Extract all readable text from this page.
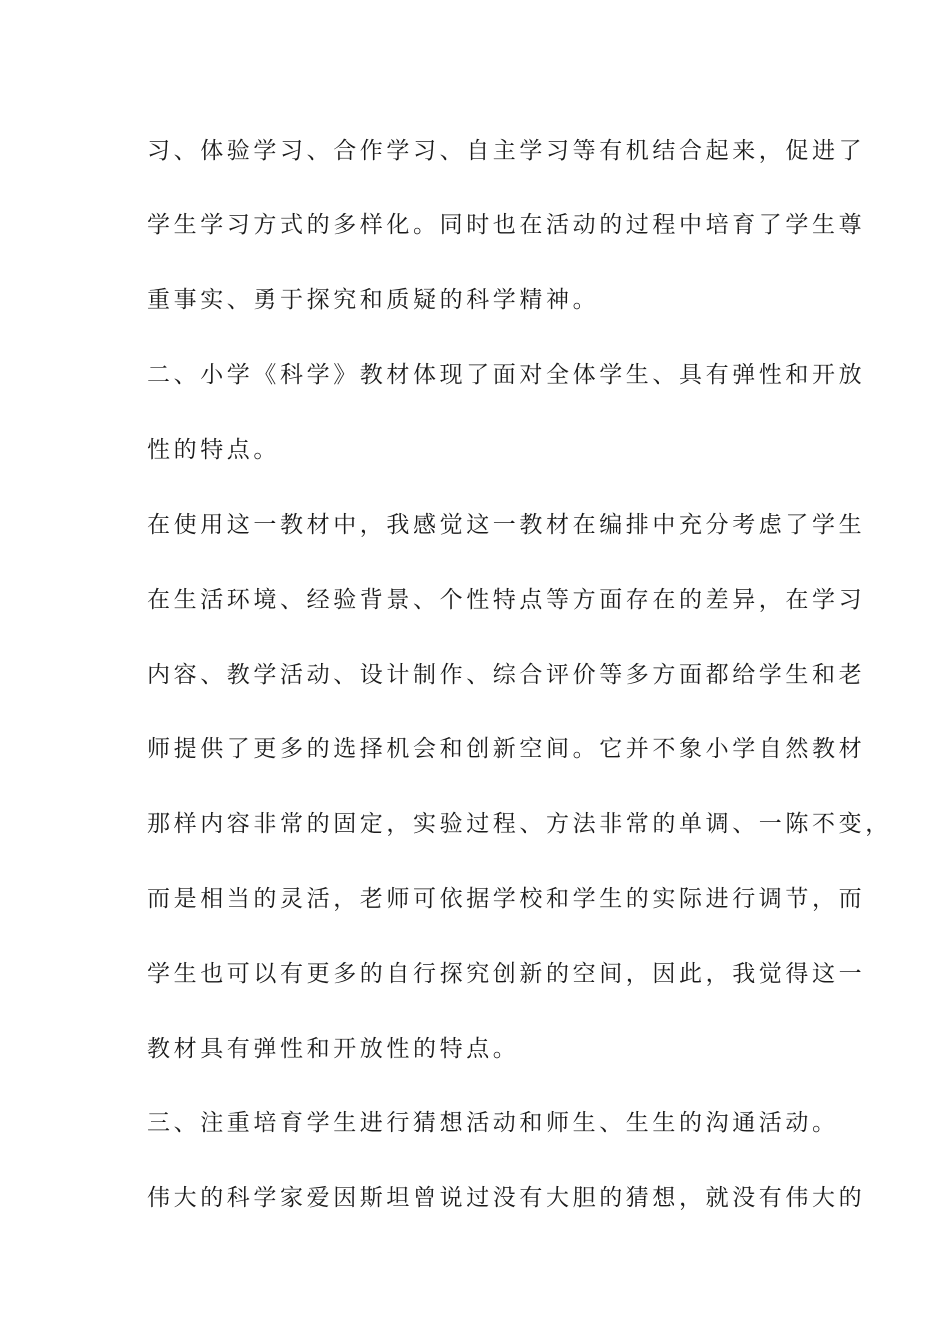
习、体验学习、合作学习、自主学习等有机结合起来，促进了

学生学习方式的多样化。同时也在活动的过程中培育了学生尊

重事实、勇于探究和质疑的科学精神。

二、小学《科学》教材体现了面对全体学生、具有弹性和开放

性的特点。

在使用这一教材中，我感觉这一教材在编排中充分考虑了学生

在生活环境、经验背景、个性特点等方面存在的差异，在学习

内容、教学活动、设计制作、综合评价等多方面都给学生和老

师提供了更多的选择机会和创新空间。它并不象小学自然教材

那样内容非常的固定，实验过程、方法非常的单调、一陈不变，

而是相当的灵活，老师可依据学校和学生的实际进行调节，而

学生也可以有更多的自行探究创新的空间，因此，我觉得这一

教材具有弹性和开放性的特点。

三、注重培育学生进行猜想活动和师生、生生的沟通活动。

伟大的科学家爱因斯坦曾说过没有大胆的猜想，就没有伟大的
